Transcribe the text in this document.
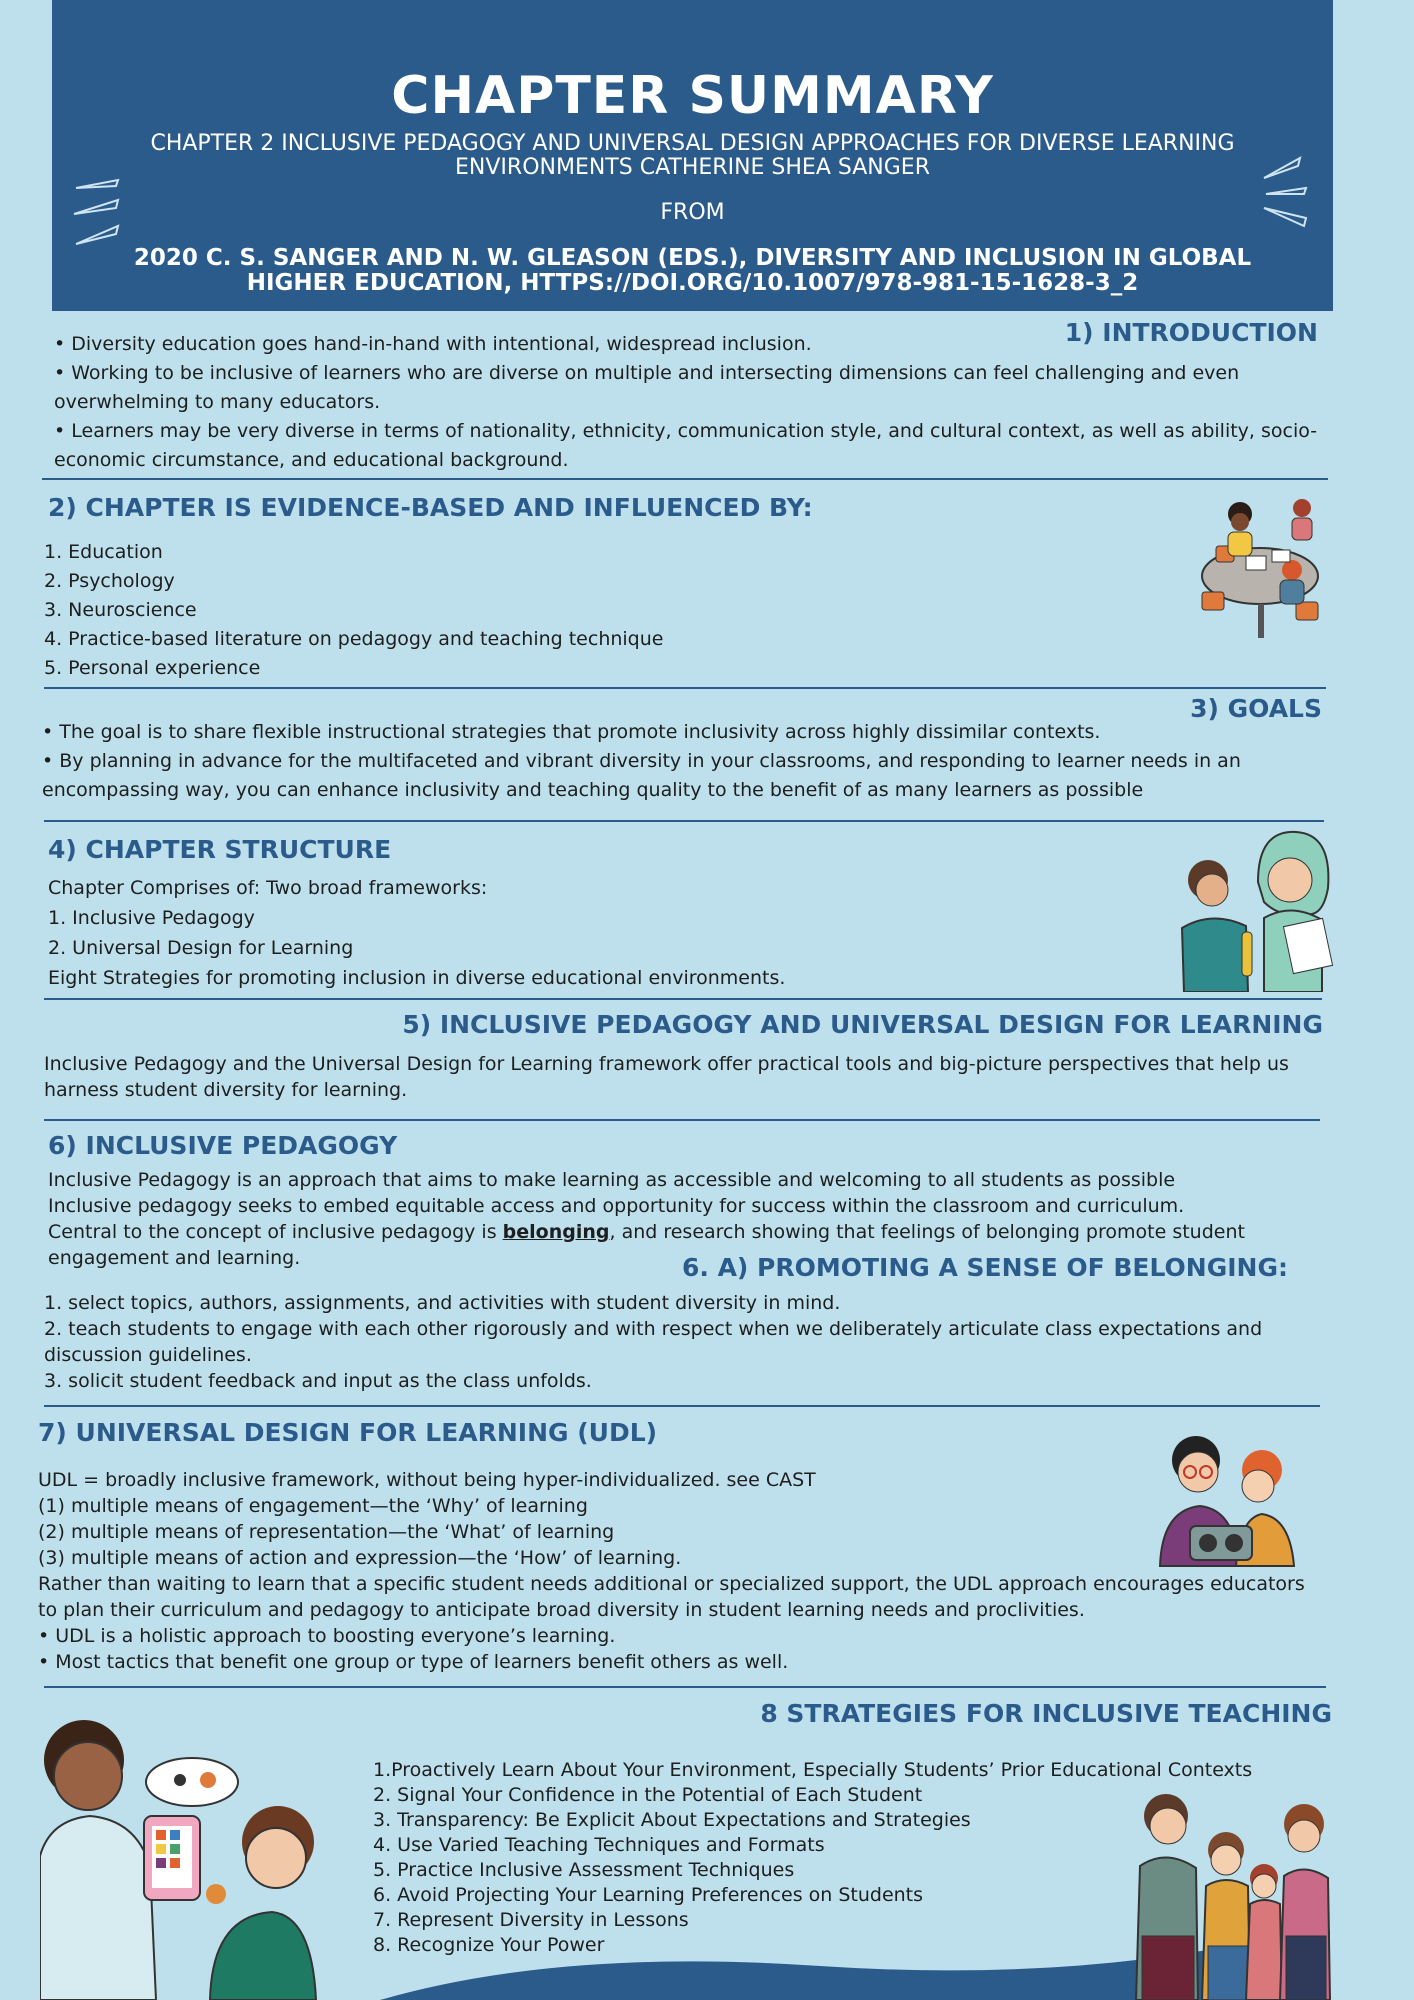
CHAPTER SUMMARY
CHAPTER 2 INCLUSIVE PEDAGOGY AND UNIVERSAL DESIGN APPROACHES FOR DIVERSE LEARNING ENVIRONMENTS CATHERINE SHEA SANGER
FROM
2020 C. S. SANGER AND N. W. GLEASON (EDS.), DIVERSITY AND INCLUSION IN GLOBAL HIGHER EDUCATION, HTTPS://DOI.ORG/10.1007/978-981-15-1628-3_2
1) INTRODUCTION

• Diversity education goes hand-in-hand with intentional, widespread inclusion.

• Working to be inclusive of learners who are diverse on multiple and intersecting dimensions can feel challenging and even overwhelming to many educators.

• Learners may be very diverse in terms of nationality, ethnicity, communication style, and cultural context, as well as ability, socio-economic circumstance, and educational background.

2) CHAPTER IS EVIDENCE-BASED AND INFLUENCED BY:

1. Education

2. Psychology

3. Neuroscience

4. Practice-based literature on pedagogy and teaching technique

5. Personal experience

3) GOALS

• The goal is to share flexible instructional strategies that promote inclusivity across highly dissimilar contexts.

• By planning in advance for the multifaceted and vibrant diversity in your classrooms, and responding to learner needs in an encompassing way, you can enhance inclusivity and teaching quality to the benefit of as many learners as possible

4) CHAPTER STRUCTURE

Chapter Comprises of: Two broad frameworks:

1. Inclusive Pedagogy

2. Universal Design for Learning

Eight Strategies for promoting inclusion in diverse educational environments.

5) INCLUSIVE PEDAGOGY AND UNIVERSAL DESIGN FOR LEARNING
Inclusive Pedagogy and the Universal Design for Learning framework offer practical tools and big-picture perspectives that help us harness student diversity for learning.
6) INCLUSIVE PEDAGOGY

Inclusive Pedagogy is an approach that aims to make learning as accessible and welcoming to all students as possible

Inclusive pedagogy seeks to embed equitable access and opportunity for success within the classroom and curriculum.

Central to the concept of inclusive pedagogy is belonging, and research showing that feelings of belonging promote student engagement and learning.	6. A) PROMOTING A SENSE OF BELONGING:

1. select topics, authors, assignments, and activities with student diversity in mind.

2. teach students to engage with each other rigorously and with respect when we deliberately articulate class expectations and discussion guidelines.

3. solicit student feedback and input as the class unfolds.

7) UNIVERSAL DESIGN FOR LEARNING (UDL)

UDL = broadly inclusive framework, without being hyper-individualized. see CAST

(1) multiple means of engagement—the ‘Why’ of learning

(2) multiple means of representation—the ‘What’ of learning

(3) multiple means of action and expression—the ‘How’ of learning.

Rather than waiting to learn that a specific student needs additional or specialized support, the UDL approach encourages educators to plan their curriculum and pedagogy to anticipate broad diversity in student learning needs and proclivities.

• UDL is a holistic approach to boosting everyone’s learning.

• Most tactics that benefit one group or type of learners benefit others as well.

8 STRATEGIES FOR INCLUSIVE TEACHING

1.Proactively Learn About Your Environment, Especially Students’ Prior Educational Contexts

2. Signal Your Confidence in the Potential of Each Student

3. Transparency: Be Explicit About Expectations and Strategies

4. Use Varied Teaching Techniques and Formats

5. Practice Inclusive Assessment Techniques

6. Avoid Projecting Your Learning Preferences on Students

7. Represent Diversity in Lessons

8. Recognize Your Power
